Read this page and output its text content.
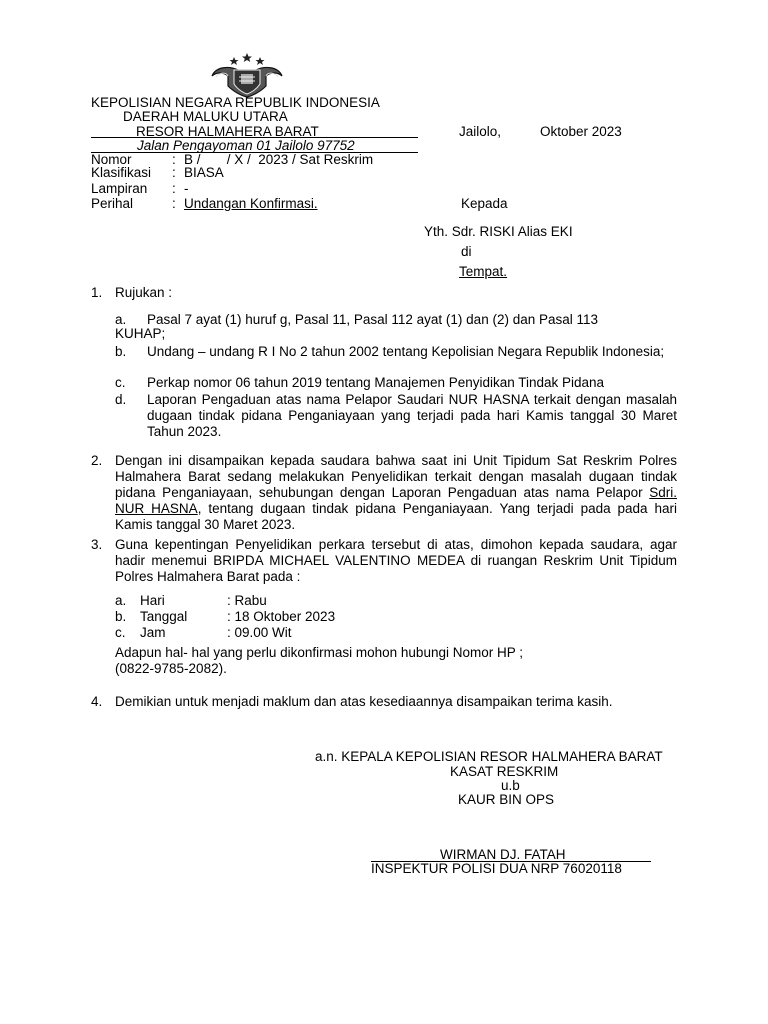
KEPOLISIAN NEGARA REPUBLIK INDONESIA
DAERAH MALUKU UTARA
RESOR HALMAHERA BARAT
Jalan Pengayoman 01 Jailolo 97752
Jailolo,	Oktober 2023
Nomor	: B /       / X /  2023 / Sat Reskrim
Klasifikasi : BIASA
Lampiran : -
Perihal	: Undangan Konfirmasi.	Kepada
Yth. Sdr. RISKI Alias EKI
di
Tempat.
1. Rujukan :
a. Pasal 7 ayat (1) huruf g, Pasal 11, Pasal 112 ayat (1) dan (2) dan Pasal 113
KUHAP;
b. Undang – undang R I No 2 tahun 2002 tentang Kepolisian Negara Republik Indonesia;
c. Perkap nomor 06 tahun 2019 tentang Manajemen Penyidikan Tindak Pidana
d. Laporan Pengaduan atas nama Pelapor Saudari NUR HASNA terkait dengan masalah dugaan tindak pidana Penganiayaan yang terjadi pada hari Kamis tanggal 30 Maret Tahun 2023.
2. Dengan ini disampaikan kepada saudara bahwa saat ini Unit Tipidum Sat Reskrim Polres Halmahera Barat sedang melakukan Penyelidikan terkait dengan masalah dugaan tindak pidana Penganiayaan, sehubungan dengan Laporan Pengaduan atas nama Pelapor Sdri. NUR HASNA, tentang dugaan tindak pidana Penganiayaan. Yang terjadi pada pada hari Kamis tanggal 30 Maret 2023.
3. Guna kepentingan Penyelidikan perkara tersebut di atas, dimohon kepada saudara, agar hadir menemui BRIPDA MICHAEL VALENTINO MEDEA di ruangan Reskrim Unit Tipidum Polres Halmahera Barat pada :
a. Hari	: Rabu
b. Tanggal	: 18 Oktober 2023
c. Jam	: 09.00 Wit
Adapun hal- hal yang perlu dikonfirmasi mohon hubungi Nomor HP ;
(0822-9785-2082).
4. Demikian untuk menjadi maklum dan atas kesediaannya disampaikan terima kasih.
a.n. KEPALA KEPOLISIAN RESOR HALMAHERA BARAT
KASAT RESKRIM
u.b
KAUR BIN OPS
WIRMAN DJ. FATAH
INSPEKTUR POLISI DUA NRP 76020118
